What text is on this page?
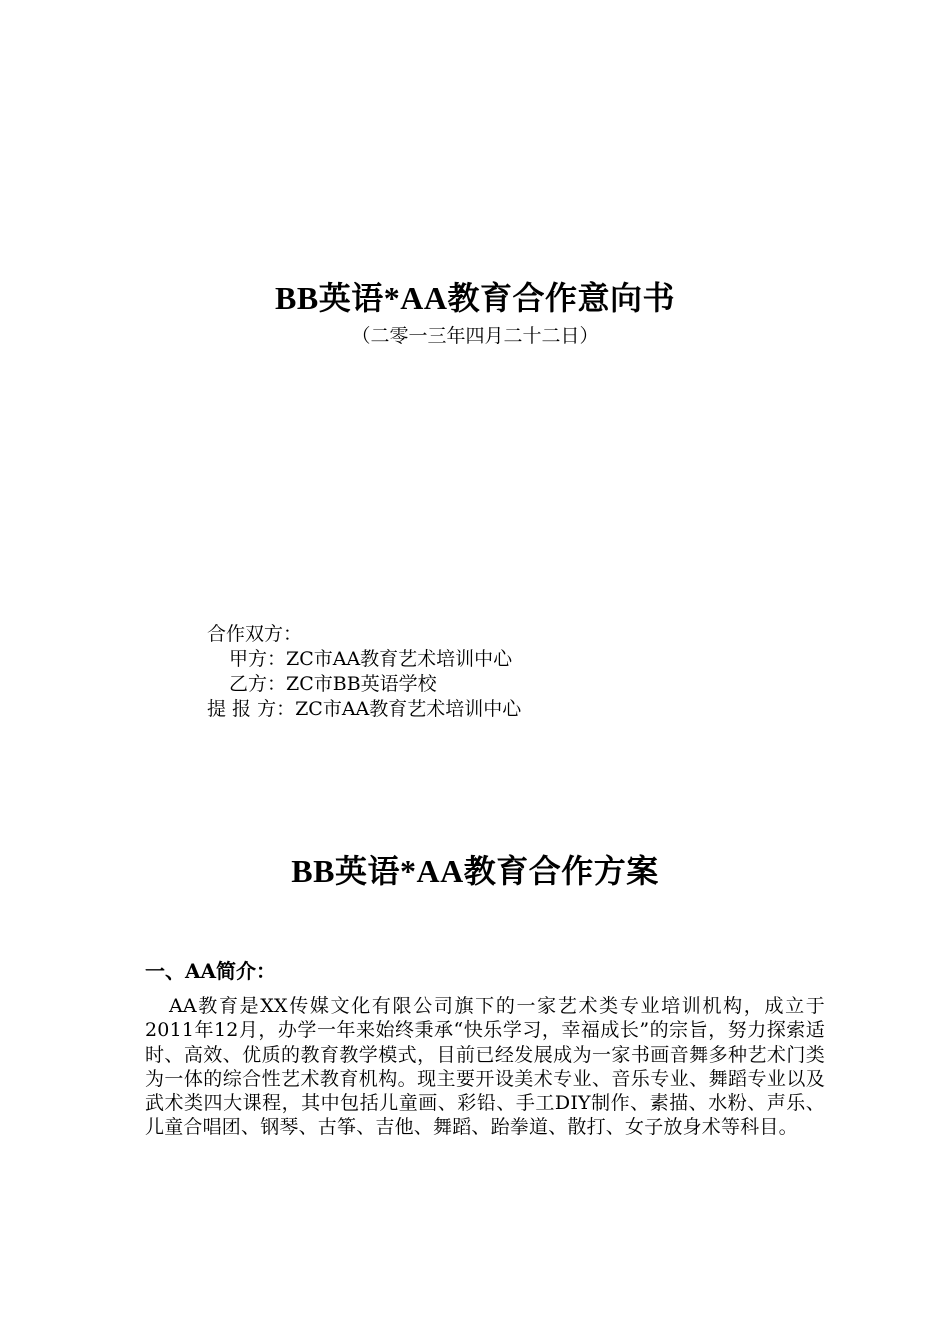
BB英语*AA教育合作意向书
（二零一三年四月二十二日）
合作双方：
甲方：ZC市AA教育艺术培训中心
乙方：ZC市BB英语学校
提 报 方：ZC市AA教育艺术培训中心
BB英语*AA教育合作方案
一、AA简介：
AA教育是XX传媒文化有限公司旗下的一家艺术类专业培训机构，成立于2011年12月，办学一年来始终秉承“快乐学习，幸福成长”的宗旨，努力探索适时、高效、优质的教育教学模式，目前已经发展成为一家书画音舞多种艺术门类为一体的综合性艺术教育机构。现主要开设美术专业、音乐专业、舞蹈专业以及武术类四大课程，其中包括儿童画、彩铅、手工DIY制作、素描、水粉、声乐、儿童合唱团、钢琴、古筝、吉他、舞蹈、跆拳道、散打、女子放身术等科目。
